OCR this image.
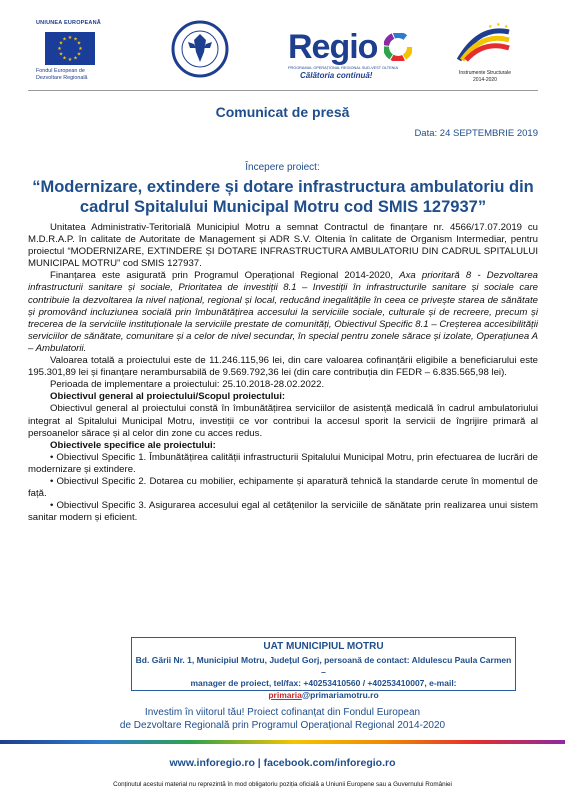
UNIUNEA EUROPEANĂ
★ ★
★
★
★
★
★
★
★
★
★
★
Fondul European de
Dezvoltare Regională
Regio
PROGRAMUL OPERAȚIONAL REGIONAL SUD-VEST OLTENIA
Călătoria continuă!
★ ★ ★
Instrumente Structurale
2014-2020
Comunicat de presă
Data: 24 SEPTEMBRIE 2019
Începere proiect:
“Modernizare, extindere și dotare infrastructura ambulatoriu din cadrul Spitalului Municipal Motru cod SMIS 127937”

Unitatea Administrativ-Teritorială Municipiul Motru a semnat Contractul de finanțare nr. 4566/17.07.2019 cu M.D.R.A.P. în calitate de Autoritate de Management și ADR S.V. Oltenia în calitate de Organism Intermediar, pentru proiectul “MODERNIZARE, EXTINDERE ȘI DOTARE INFRASTRUCTURA AMBULATORIU DIN CADRUL SPITALULUI MUNICIPAL MOTRU” cod SMIS 127937.

Finanțarea este asigurată prin Programul Operațional Regional 2014-2020, Axa prioritară 8 - Dezvoltarea infrastructurii sanitare și sociale, Prioritatea de investiții 8.1 – Investiții în infrastructurile sanitare și sociale care contribuie la dezvoltarea la nivel național, regional și local, reducând inegalitățile în ceea ce privește starea de sănătate și promovând incluziunea socială prin îmbunătățirea accesului la serviciile sociale, culturale și de recreere, precum și trecerea de la serviciile instituționale la serviciile prestate de comunități, Obiectivul Specific 8.1 – Creșterea accesibilității serviciilor de sănătate, comunitare și a celor de nivel secundar, în special pentru zonele sărace și izolate, Operațiunea A – Ambulatorii.

Valoarea totală a proiectului este de 11.246.115,96 lei, din care valoarea cofinanțării eligibile a beneficiarului este 195.301,89 lei și finanțare nerambursabilă de 9.569.792,36 lei (din care contribuția din FEDR – 6.835.565,98 lei).

Perioada de implementare a proiectului: 25.10.2018-28.02.2022.

Obiectivul general al proiectului/Scopul proiectului:

Obiectivul general al proiectului constă în îmbunătățirea serviciilor de asistență medicală în cadrul ambulatoriului integrat al Spitalului Municipal Motru, investiții ce vor contribui la accesul sporit la servicii de îngrijire primară al persoanelor sărace și al celor din zone cu acces redus.

Obiectivele specifice ale proiectului:

• Obiectivul Specific 1. Îmbunătățirea calității infrastructurii Spitalului Municipal Motru, prin efectuarea de lucrări de modernizare și extindere.

• Obiectivul Specific 2. Dotarea cu mobilier, echipamente și aparatură tehnică la standarde cerute în momentul de față.

• Obiectivul Specific 3. Asigurarea accesului egal al cetățenilor la serviciile de sănătate prin realizarea unui sistem sanitar modern și eficient.

UAT MUNICIPIUL MOTRU
Bd. Gării Nr. 1, Municipiul Motru, Județul Gorj, persoană de contact: Aldulescu Paula Carmen –
manager de proiect, tel/fax: +40253410560 / +40253410007, e-mail: primaria@primariamotru.ro
Investim în viitorul tău! Proiect cofinanțat din Fondul European
de Dezvoltare Regională prin Programul Operațional Regional 2014-2020
www.inforegio.ro | facebook.com/inforegio.ro
Conținutul acestui material nu reprezintă în mod obligatoriu poziția oficială a Uniunii Europene sau a Guvernului României
